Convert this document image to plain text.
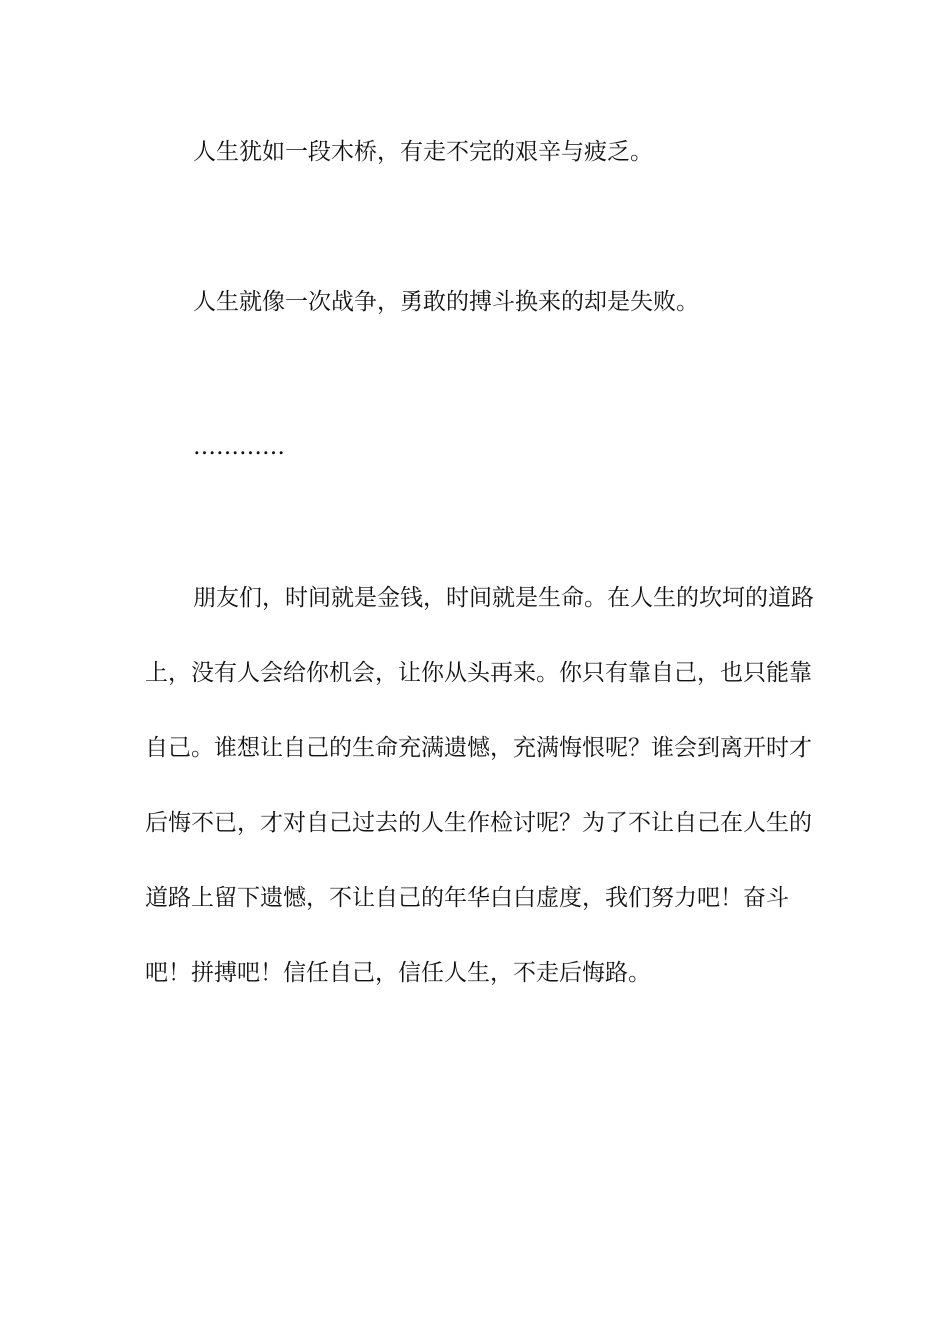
人生犹如一段木桥，有走不完的艰辛与疲乏。

人生就像一次战争，勇敢的搏斗换来的却是失败。

…………

朋友们，时间就是金钱，时间就是生命。在人生的坎坷的道路上，没有人会给你机会，让你从头再来。你只有靠自己，也只能靠自己。谁想让自己的生命充满遗憾，充满悔恨呢？谁会到离开时才后悔不已，才对自己过去的人生作检讨呢？为了不让自己在人生的道路上留下遗憾，不让自己的年华白白虚度，我们努力吧！奋斗吧！拼搏吧！信任自己，信任人生，不走后悔路。
